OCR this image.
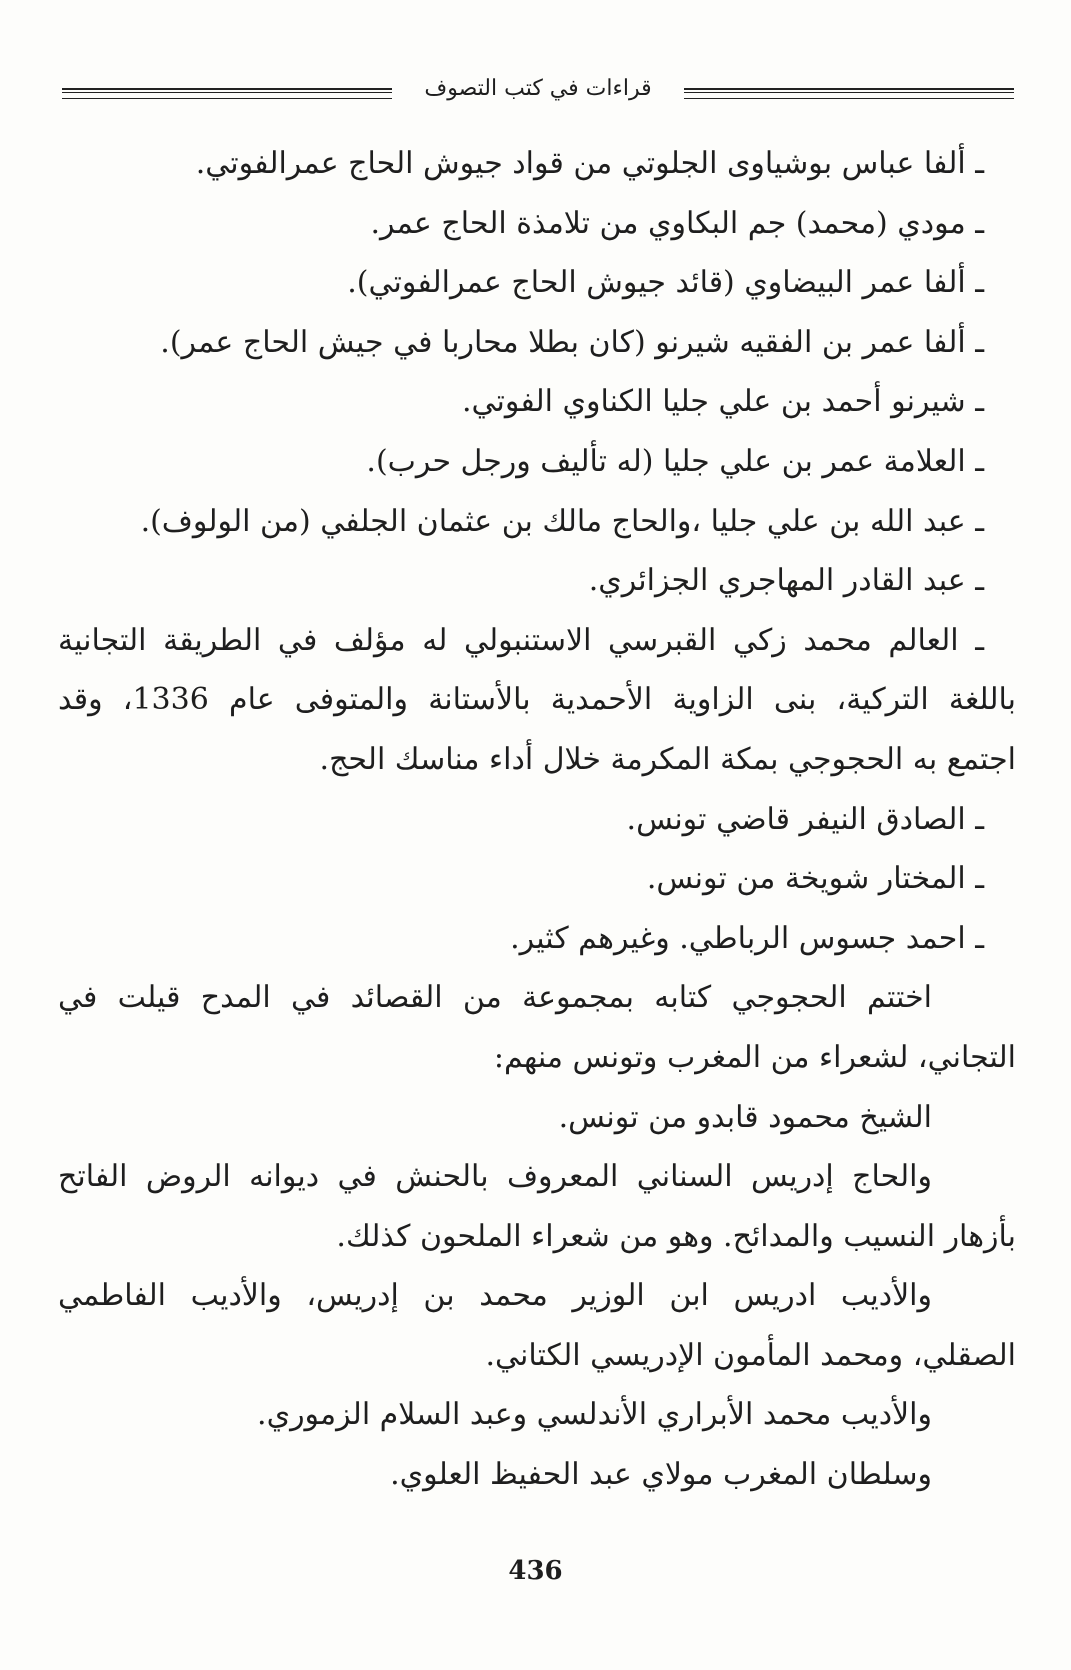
قراءات في كتب التصوف
ـ ألفا عباس بوشياوى الجلوتي من قواد جيوش الحاج عمرالفوتي.
ـ مودي (محمد) جم البكاوي من تلامذة الحاج عمر.
ـ ألفا عمر البيضاوي (قائد جيوش الحاج عمرالفوتي).
ـ ألفا عمر بن الفقيه شيرنو (كان بطلا محاربا في جيش الحاج عمر).
ـ شيرنو أحمد بن علي جليا الكناوي الفوتي.
ـ العلامة عمر بن علي جليا (له تأليف ورجل حرب).
ـ عبد الله بن علي جليا ،والحاج مالك بن عثمان الجلفي (من الولوف).
ـ عبد القادر المهاجري الجزائري.
ـ العالم محمد زكي القبرسي الاستنبولي له مؤلف في الطريقة التجانية
باللغة التركية، بنى الزاوية الأحمدية بالأستانة والمتوفى عام 1336، وقد
اجتمع به الحجوجي بمكة المكرمة خلال أداء مناسك الحج.
ـ الصادق النيفر قاضي تونس.
ـ المختار شويخة من تونس.
ـ احمد جسوس الرباطي. وغيرهم كثير.
اختتم الحجوجي كتابه بمجموعة من القصائد في المدح قيلت في
التجاني، لشعراء من المغرب وتونس منهم:
الشيخ محمود قابدو من تونس.
والحاج إدريس السناني المعروف بالحنش في ديوانه الروض الفاتح
بأزهار النسيب والمدائح. وهو من شعراء الملحون كذلك.
والأديب ادريس ابن الوزير محمد بن إدريس، والأديب الفاطمي
الصقلي، ومحمد المأمون الإدريسي الكتاني.
والأديب محمد الأبراري الأندلسي وعبد السلام الزموري.
وسلطان المغرب مولاي عبد الحفيظ العلوي.
436
